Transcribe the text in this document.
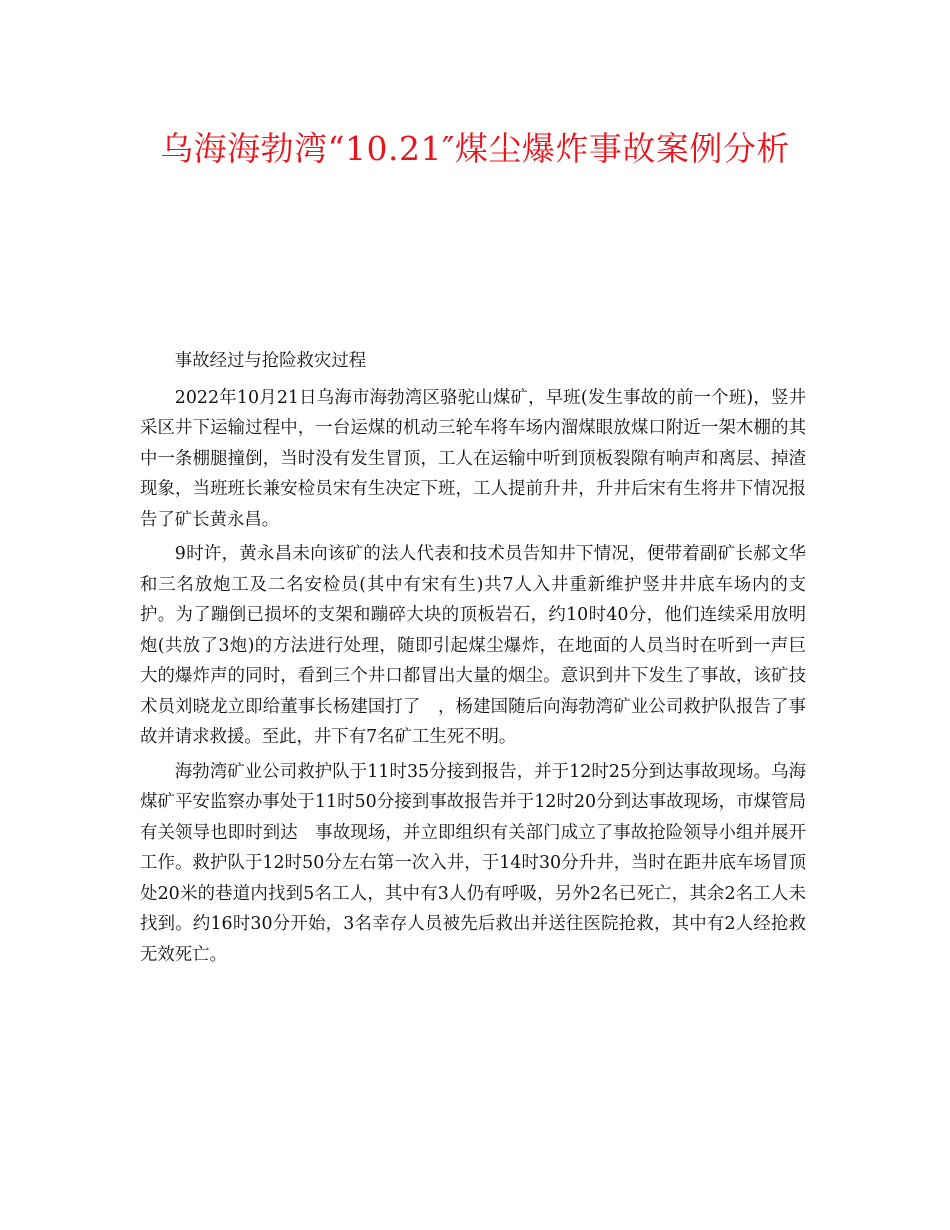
乌海海勃湾“10.21″煤尘爆炸事故案例分析

事故经过与抢险救灾过程

2022年10月21日乌海市海勃湾区骆驼山煤矿，早班(发生事故的前一个班)，竖井采区井下运输过程中，一台运煤的机动三轮车将车场内溜煤眼放煤口附近一架木棚的其中一条棚腿撞倒，当时没有发生冒顶，工人在运输中听到顶板裂隙有响声和离层、掉渣现象，当班班长兼安检员宋有生决定下班，工人提前升井，升井后宋有生将井下情况报告了矿长黄永昌。

9时许，黄永昌未向该矿的法人代表和技术员告知井下情况，便带着副矿长郝文华和三名放炮工及二名安检员(其中有宋有生)共7人入井重新维护竖井井底车场内的支护。为了蹦倒已损坏的支架和蹦碎大块的顶板岩石，约10时40分，他们连续采用放明炮(共放了3炮)的方法进行处理，随即引起煤尘爆炸，在地面的人员当时在听到一声巨大的爆炸声的同时，看到三个井口都冒出大量的烟尘。意识到井下发生了事故，该矿技术员刘晓龙立即给董事长杨建国打了　，杨建国随后向海勃湾矿业公司救护队报告了事故并请求救援。至此，井下有7名矿工生死不明。

海勃湾矿业公司救护队于11时35分接到报告，并于12时25分到达事故现场。乌海煤矿平安监察办事处于11时50分接到事故报告并于12时20分到达事故现场，市煤管局有关领导也即时到达　事故现场，并立即组织有关部门成立了事故抢险领导小组并展开工作。救护队于12时50分左右第一次入井，于14时30分升井，当时在距井底车场冒顶处20米的巷道内找到5名工人，其中有3人仍有呼吸，另外2名已死亡，其余2名工人未找到。约16时30分开始，3名幸存人员被先后救出并送往医院抢救，其中有2人经抢救无效死亡。
